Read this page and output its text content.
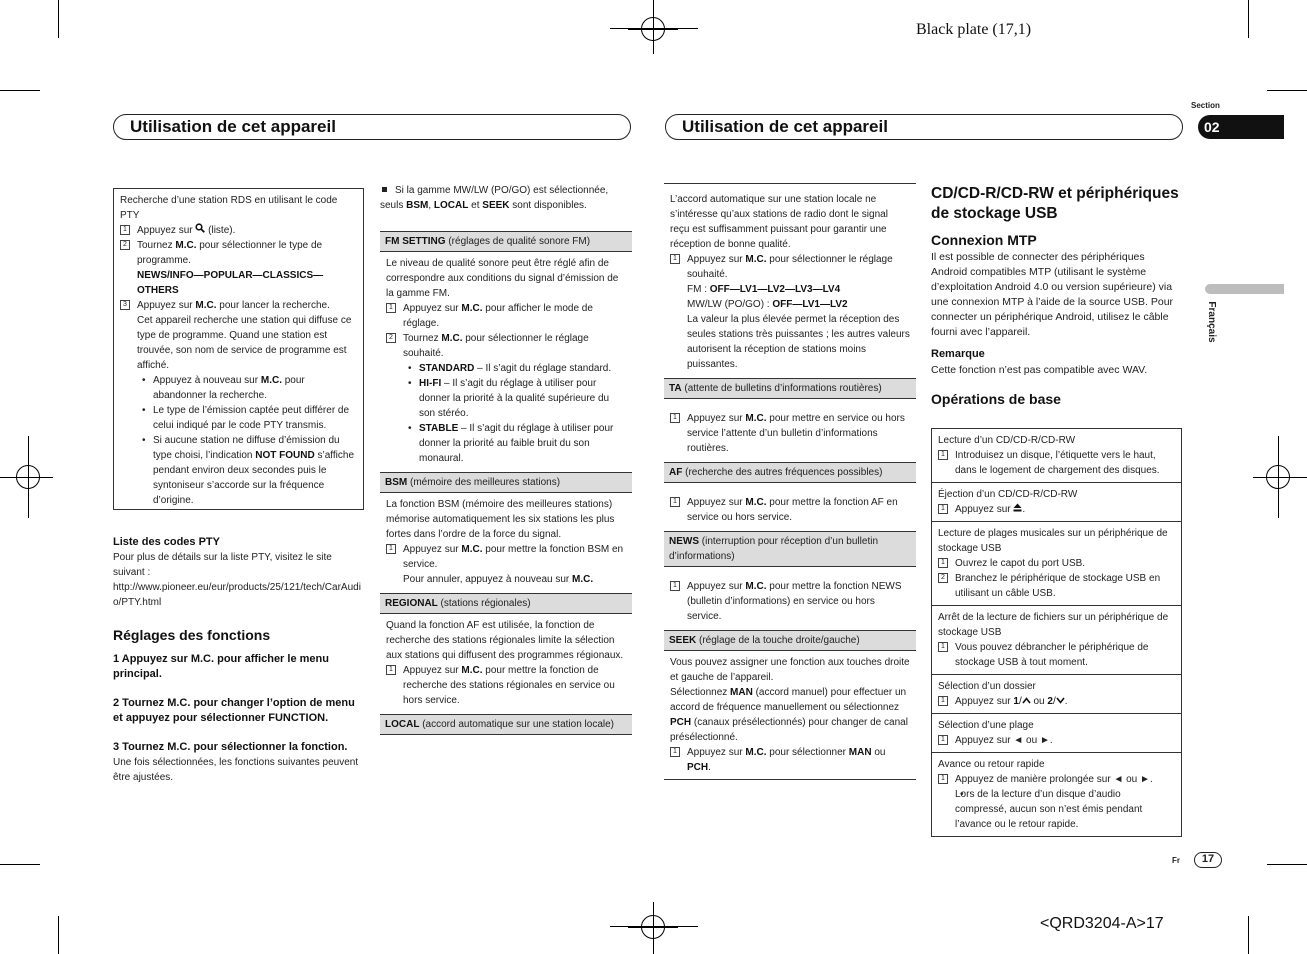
Black plate (17,1)
Section
02
Français
Utilisation de cet appareil	Utilisation de cet appareil
Recherche d’une station RDS en utilisant le code PTY
1	Appuyez sur  (liste).
2	Tournez M.C. pour sélectionner le type de programme.
NEWS/INFO—POPULAR—CLASSICS—OTHERS
3	Appuyez sur M.C. pour lancer la recherche.
Cet appareil recherche une station qui diffuse ce type de programme. Quand une station est trouvée, son nom de service de programme est affiché.
• Appuyez à nouveau sur M.C. pour abandonner la recherche.
• Le type de l’émission captée peut différer de celui indiqué par le code PTY transmis.
• Si aucune station ne diffuse d’émission du type choisi, l’indication NOT FOUND s’affiche pendant environ deux secondes puis le syntoniseur s’accorde sur la fréquence d’origine.
Liste des codes PTY
Pour plus de détails sur la liste PTY, visitez le site suivant :
http://www.pioneer.eu/eur/products/25/121/tech/CarAudio/PTY.html
Réglages des fonctions
1 Appuyez sur M.C. pour afficher le menu principal.
2 Tournez M.C. pour changer l’option de menu et appuyez pour sélectionner FUNCTION.
3 Tournez M.C. pour sélectionner la fonction.
Une fois sélectionnées, les fonctions suivantes peuvent être ajustées.
Si la gamme MW/LW (PO/GO) est sélectionnée, seuls BSM, LOCAL et SEEK sont disponibles.
FM SETTING (réglages de qualité sonore FM)
Le niveau de qualité sonore peut être réglé afin de correspondre aux conditions du signal d’émission de la gamme FM.
1	Appuyez sur M.C. pour afficher le mode de réglage.
2	Tournez M.C. pour sélectionner le réglage souhaité.
• STANDARD – Il s’agit du réglage standard.
• HI-FI – Il s’agit du réglage à utiliser pour donner la priorité à la qualité supérieure du son stéréo.
• STABLE – Il s’agit du réglage à utiliser pour donner la priorité au faible bruit du son monaural.
BSM (mémoire des meilleures stations)
La fonction BSM (mémoire des meilleures stations) mémorise automatiquement les six stations les plus fortes dans l’ordre de la force du signal.
1	Appuyez sur M.C. pour mettre la fonction BSM en service.
Pour annuler, appuyez à nouveau sur M.C.
REGIONAL (stations régionales)
Quand la fonction AF est utilisée, la fonction de recherche des stations régionales limite la sélection aux stations qui diffusent des programmes régionaux.
1	Appuyez sur M.C. pour mettre la fonction de recherche des stations régionales en service ou hors service.
LOCAL (accord automatique sur une station locale)
L’accord automatique sur une station locale ne s’intéresse qu’aux stations de radio dont le signal reçu est suffisamment puissant pour garantir une réception de bonne qualité.
1	Appuyez sur M.C. pour sélectionner le réglage souhaité.
FM : OFF—LV1—LV2—LV3—LV4
MW/LW (PO/GO) : OFF—LV1—LV2
La valeur la plus élevée permet la réception des seules stations très puissantes ; les autres valeurs autorisent la réception de stations moins puissantes.
TA (attente de bulletins d’informations routières)
1	Appuyez sur M.C. pour mettre en service ou hors service l’attente d’un bulletin d’informations routières.
AF (recherche des autres fréquences possibles)
1	Appuyez sur M.C. pour mettre la fonction AF en service ou hors service.
NEWS (interruption pour réception d’un bulletin d’informations)
1	Appuyez sur M.C. pour mettre la fonction NEWS (bulletin d’informations) en service ou hors service.
SEEK (réglage de la touche droite/gauche)
Vous pouvez assigner une fonction aux touches droite et gauche de l’appareil.
Sélectionnez MAN (accord manuel) pour effectuer un accord de fréquence manuellement ou sélectionnez PCH (canaux présélectionnés) pour changer de canal présélectionné.
1	Appuyez sur M.C. pour sélectionner MAN ou PCH.
CD/CD-R/CD-RW et périphériques de stockage USB
Connexion MTP
Il est possible de connecter des périphériques Android compatibles MTP (utilisant le système d’exploitation Android 4.0 ou version supérieure) via une connexion MTP à l’aide de la source USB. Pour connecter un périphérique Android, utilisez le câble fourni avec l’appareil.
Remarque
Cette fonction n’est pas compatible avec WAV.
Opérations de base
Lecture d’un CD/CD-R/CD-RW
1	Introduisez un disque, l’étiquette vers le haut, dans le logement de chargement des disques.
Éjection d’un CD/CD-R/CD-RW
1	Appuyez sur .
Lecture de plages musicales sur un périphérique de stockage USB
1	Ouvrez le capot du port USB.
2	Branchez le périphérique de stockage USB en utilisant un câble USB.
Arrêt de la lecture de fichiers sur un périphérique de stockage USB
1	Vous pouvez débrancher le périphérique de stockage USB à tout moment.
Sélection d’un dossier
1	Appuyez sur 1/ ou 2/ .
Sélection d’une plage
1	Appuyez sur ◄ ou ►.
Avance ou retour rapide
1	Appuyez de manière prolongée sur ◄ ou ►.
• Lors de la lecture d’un disque d’audio compressé, aucun son n’est émis pendant l’avance ou le retour rapide.
Fr	17
<QRD3204-A>17
